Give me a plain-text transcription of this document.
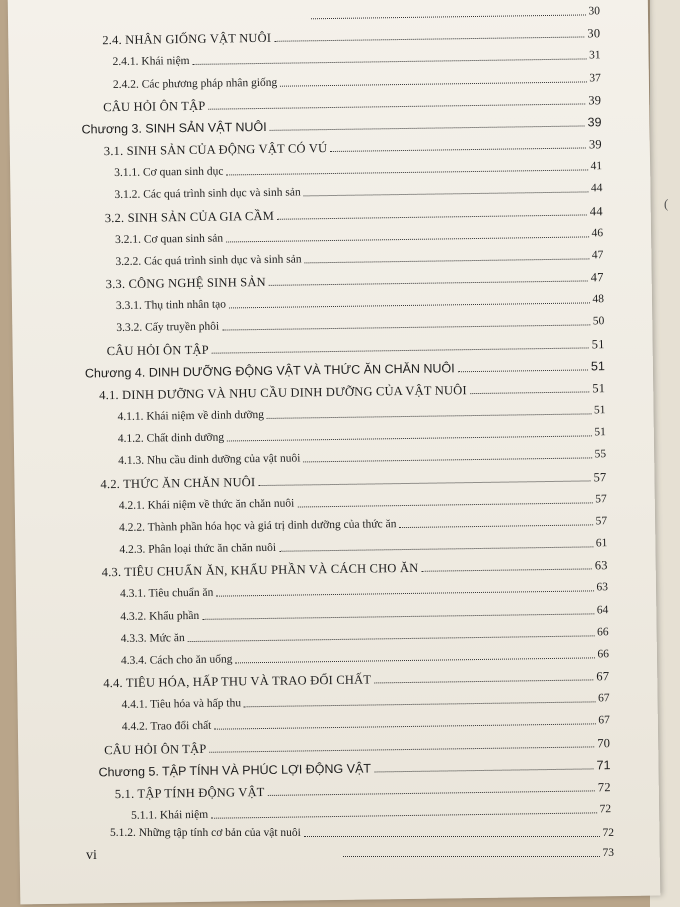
(
30
2.4. NHÂN GIỐNG VẬT NUÔI	30
2.4.1. Khái niệm	31
2.4.2. Các phương pháp nhân giống	37
CÂU HỎI ÔN TẬP	39
Chương 3. SINH SẢN VẬT NUÔI	39
3.1. SINH SẢN CỦA ĐỘNG VẬT CÓ VÚ	39
3.1.1. Cơ quan sinh dục	41
3.1.2. Các quá trình sinh dục và sinh sản	44
3.2. SINH SẢN CỦA GIA CẦM	44
3.2.1. Cơ quan sinh sản	46
3.2.2. Các quá trình sinh dục và sinh sản	47
3.3. CÔNG NGHỆ SINH SẢN	47
3.3.1. Thụ tinh nhân tạo	48
3.3.2. Cấy truyền phôi	50
CÂU HỎI ÔN TẬP	51
Chương 4. DINH DƯỠNG ĐỘNG VẬT VÀ THỨC ĂN CHĂN NUÔI	51
4.1. DINH DƯỠNG VÀ NHU CẦU DINH DƯỠNG CỦA VẬT NUÔI	51
4.1.1. Khái niệm về dinh dưỡng	51
4.1.2. Chất dinh dưỡng	51
4.1.3. Nhu cầu dinh dưỡng của vật nuôi	55
4.2. THỨC ĂN CHĂN NUÔI	57
4.2.1. Khái niệm về thức ăn chăn nuôi	57
4.2.2. Thành phần hóa học và giá trị dinh dưỡng của thức ăn	57
4.2.3. Phân loại thức ăn chăn nuôi	61
4.3. TIÊU CHUẨN ĂN, KHẨU PHẦN VÀ CÁCH CHO ĂN	63
4.3.1. Tiêu chuẩn ăn	63
4.3.2. Khẩu phần	64
4.3.3. Mức ăn	66
4.3.4. Cách cho ăn uống	66
4.4. TIÊU HÓA, HẤP THU VÀ TRAO ĐỔI CHẤT	67
4.4.1. Tiêu hóa và hấp thu	67
4.4.2. Trao đổi chất	67
CÂU HỎI ÔN TẬP	70
Chương 5. TẬP TÍNH VÀ PHÚC LỢI ĐỘNG VẬT	71
5.1. TẬP TÍNH ĐỘNG VẬT	72
5.1.1. Khái niệm	72
5.1.2. Những tập tính cơ bản của vật nuôi	72
73
vi
